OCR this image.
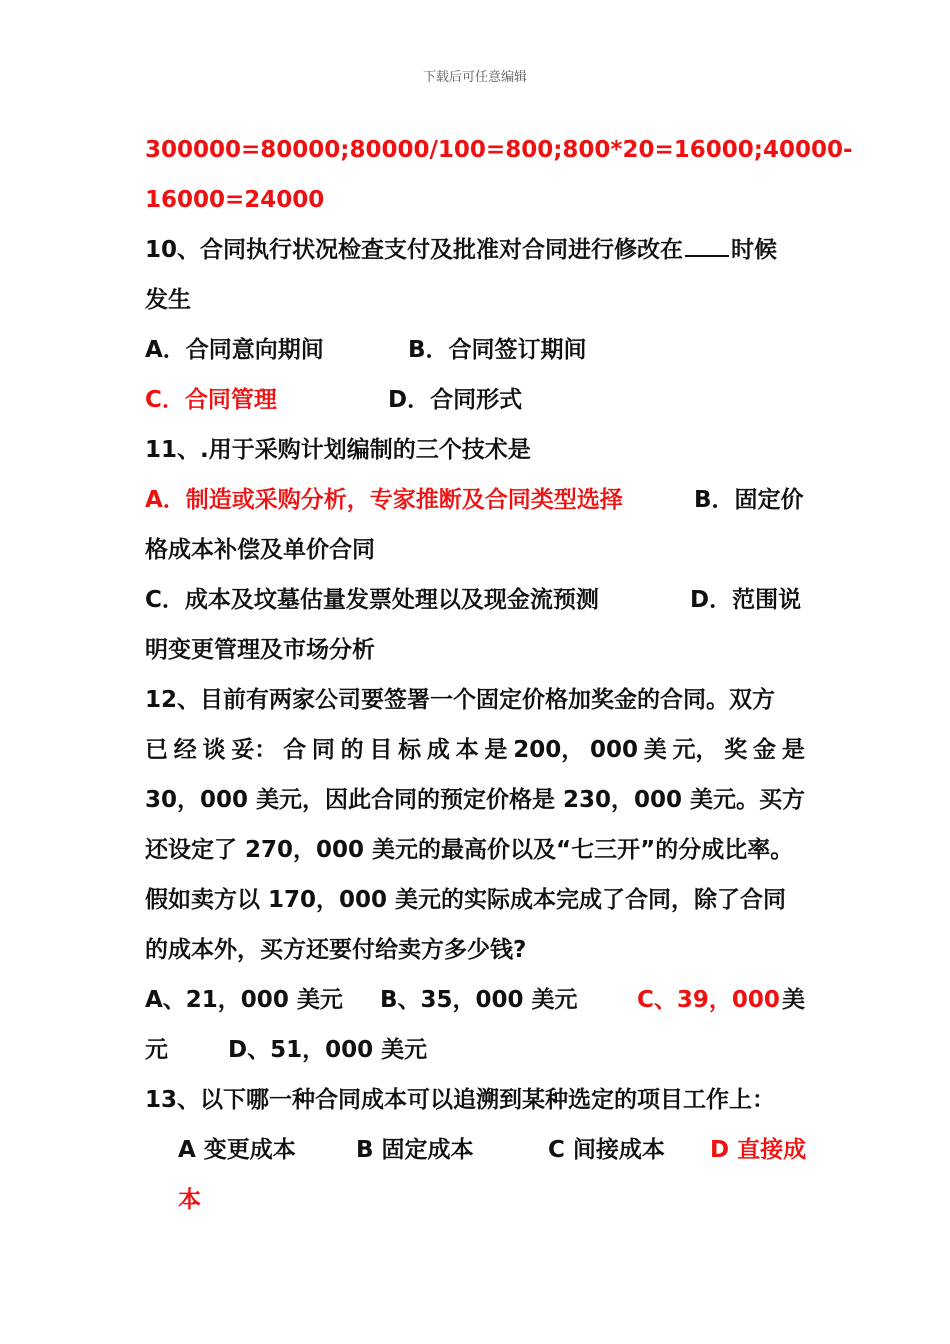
下载后可任意编辑
300000=80000;80000/100=800;800*20=16000;40000-
16000=24000
10、合同执行状况检查支付及批准对合同进行修改在 时候
发生
A．合同意向期间	B．合同签订期间
C．合同管理	D．合同形式
11、.用于采购计划编制的三个技术是
A．制造或采购分析，专家推断及合同类型选择	B．固定价
格成本补偿及单价合同
C．成本及坟墓估量发票处理以及现金流预测	D．范围说
明变更管理及市场分析
12、目前有两家公司要签署一个固定价格加奖金的合同。双方
已 经 谈 妥： 合 同 的 目 标 成 本 是 200， 000 美 元， 奖 金 是
30，000 美元，因此合同的预定价格是 230，000 美元。买方
还设定了 270，000 美元的最高价以及“七三开”的分成比率。
假如卖方以 170，000 美元的实际成本完成了合同，除了合同
的成本外，买方还要付给卖方多少钱?
A、21，000 美元 B、35，000 美元	C、39，000 美
元	D、51，000 美元
13、以下哪一种合同成本可以追溯到某种选定的项目工作上：
A 变更成本	B 固定成本	C 间接成本 D 直接成
本
